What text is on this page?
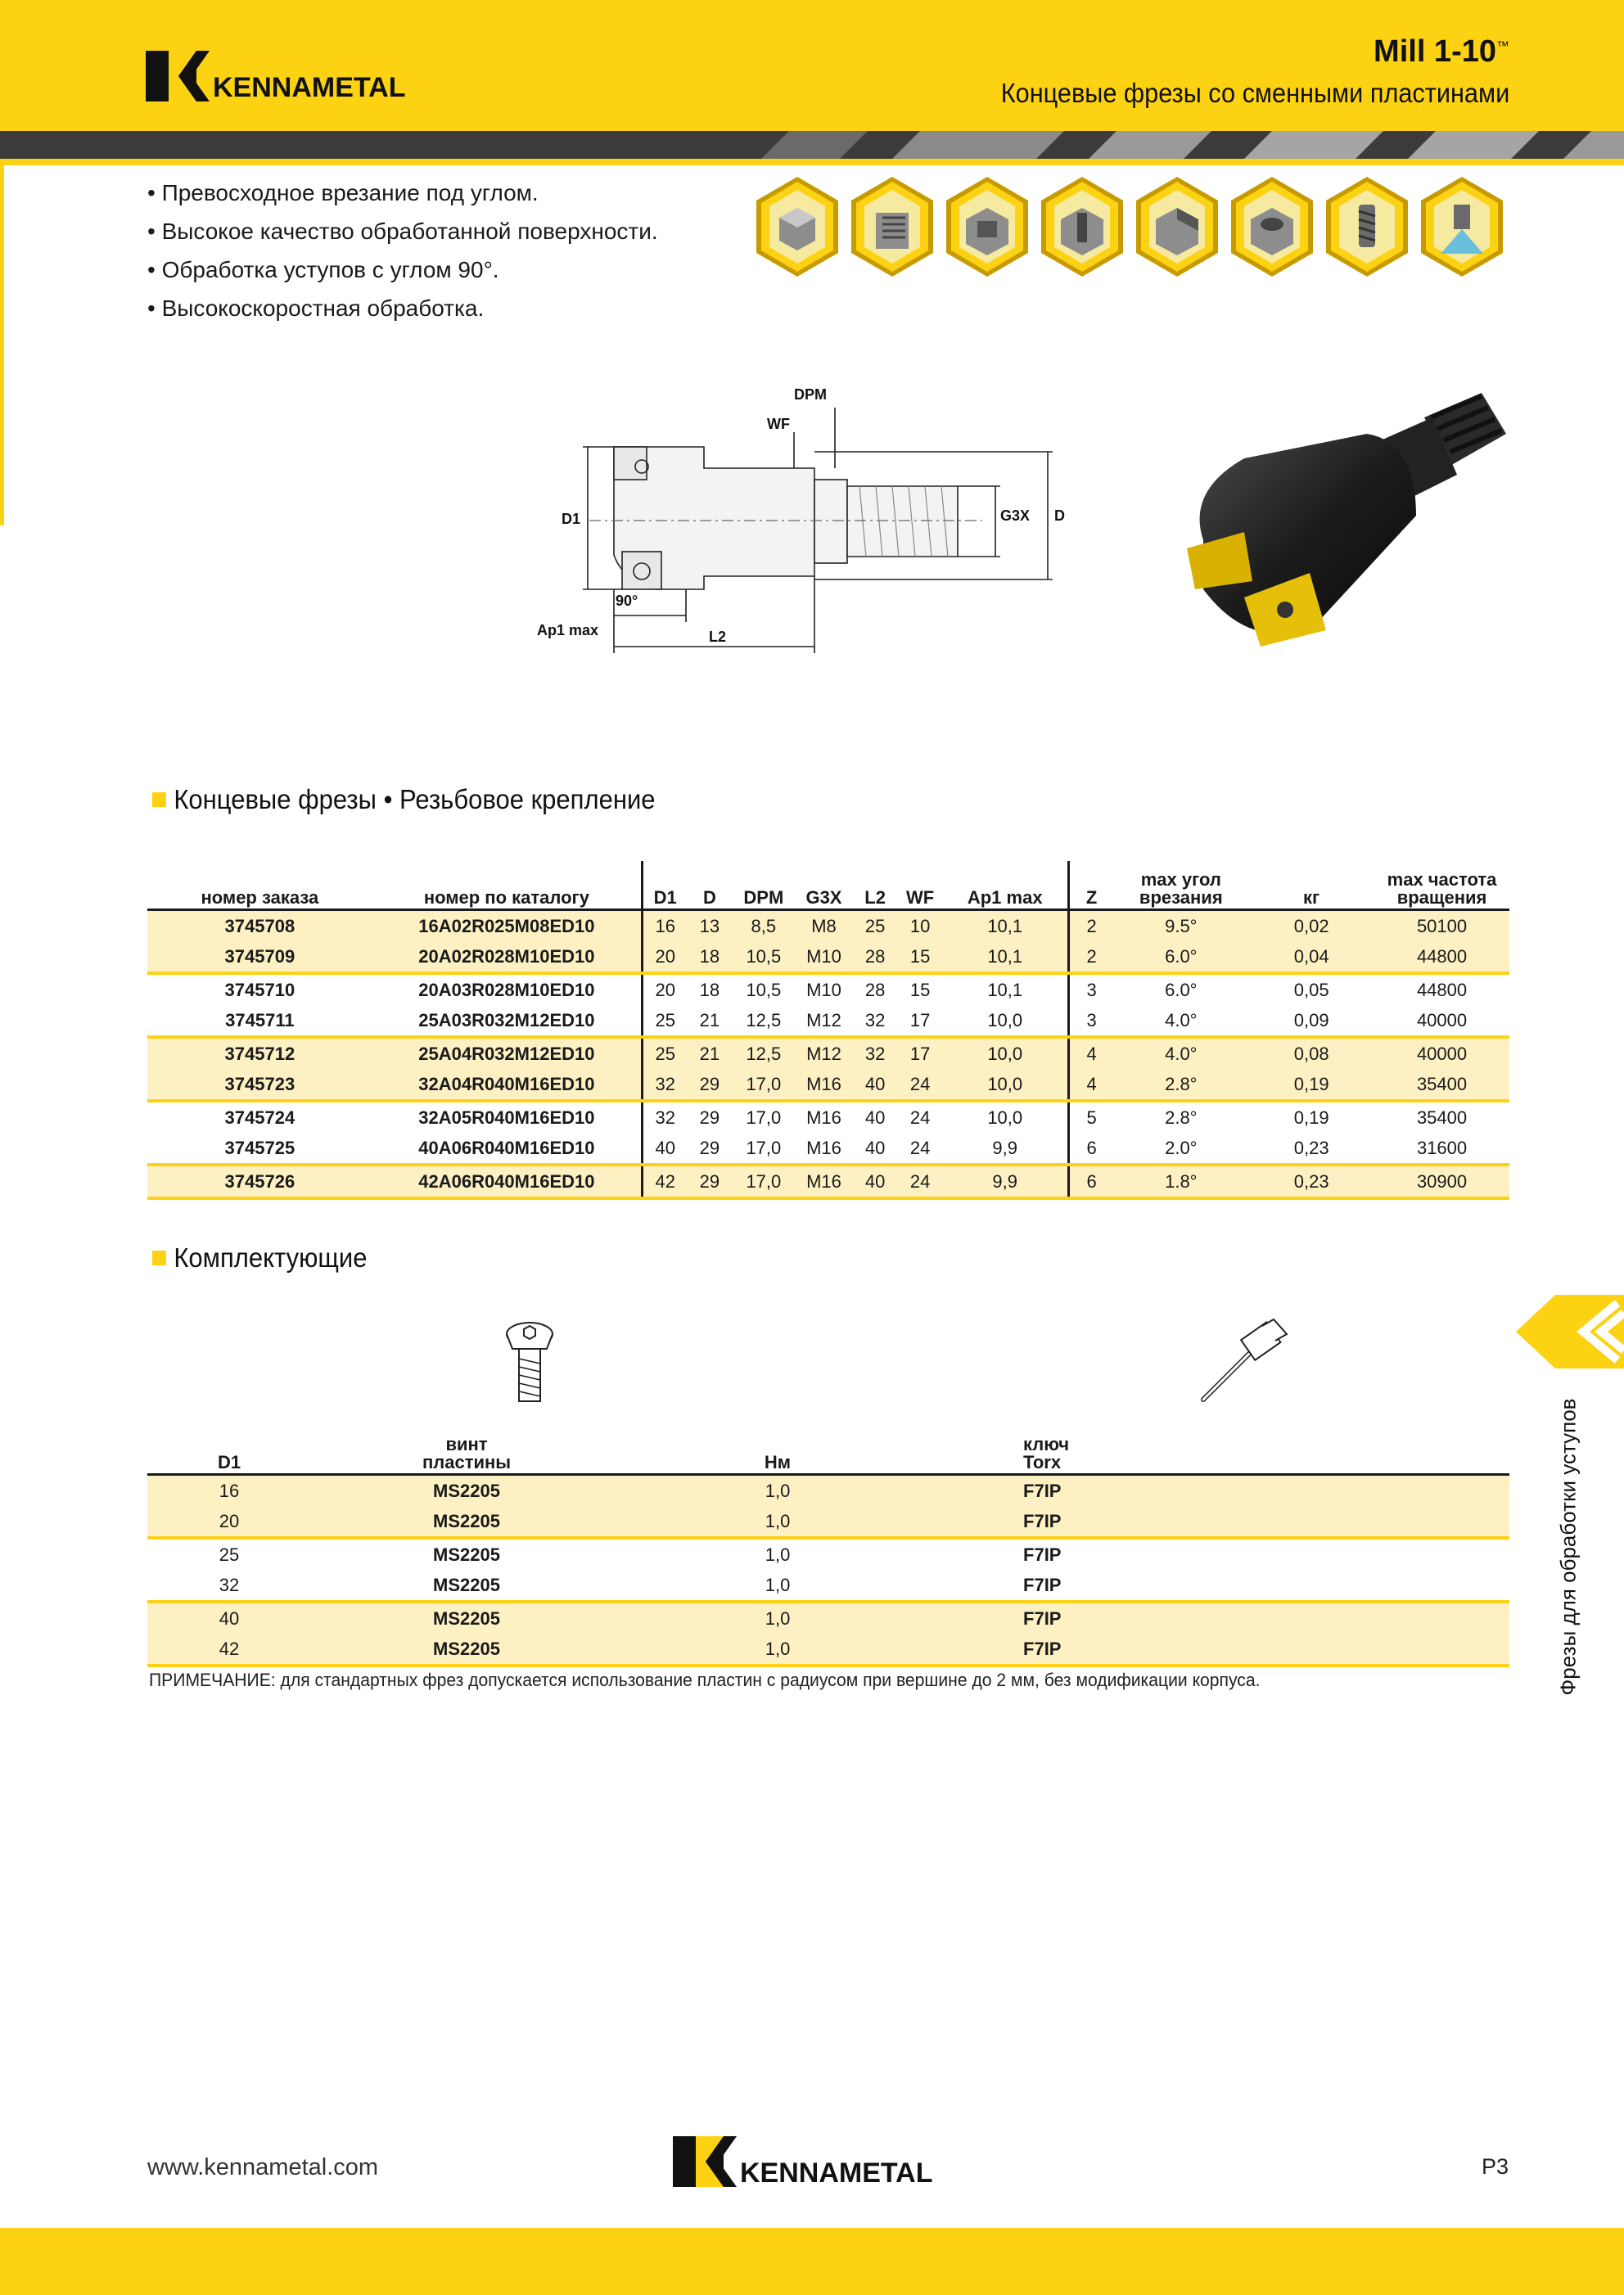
KENNAMETAL
Mill 1-10™
Концевые фрезы со сменными пластинами
• Превосходное врезание под углом.
• Высокое качество обработанной поверхности.
• Обработка уступов с углом 90°.
• Высокоскоростная обработка.
DPM
WF
D1	G3X D
90°
Ap1 max	L2
Концевые фрезы • Резьбовое крепление
номер заказа	номер по каталогу	D1	D	DPM	G3X	L2	WF	Ap1 max	Z	max угол
врезания	кг	max частота
вращения
3745708	16A02R025M08ED10	16	13	8,5	M8	25	10	10,1	2	9.5°	0,02	50100
3745709	20A02R028M10ED10	20	18	10,5	M10	28	15	10,1	2	6.0°	0,04	44800
3745710	20A03R028M10ED10	20	18	10,5	M10	28	15	10,1	3	6.0°	0,05	44800
3745711	25A03R032M12ED10	25	21	12,5	M12	32	17	10,0	3	4.0°	0,09	40000
3745712	25A04R032M12ED10	25	21	12,5	M12	32	17	10,0	4	4.0°	0,08	40000
3745723	32A04R040M16ED10	32	29	17,0	M16	40	24	10,0	4	2.8°	0,19	35400
3745724	32A05R040M16ED10	32	29	17,0	M16	40	24	10,0	5	2.8°	0,19	35400
3745725	40A06R040M16ED10	40	29	17,0	M16	40	24	9,9	6	2.0°	0,23	31600
3745726	42A06R040M16ED10	42	29	17,0	M16	40	24	9,9	6	1.8°	0,23	30900
Комплектующие
D1	винт
пластины	Нм	ключ
Torx
16	MS2205	1,0	F7IP
20	MS2205	1,0	F7IP
25	MS2205	1,0	F7IP
32	MS2205	1,0	F7IP
40	MS2205	1,0	F7IP
42	MS2205	1,0	F7IP
ПРИМЕЧАНИЕ: для стандартных фрез допускается использование пластин с радиусом при вершине до 2 мм, без модификации корпуса.	Фрезы для обработки уступов
www.kennametal.com	KENNAMETAL	P3
